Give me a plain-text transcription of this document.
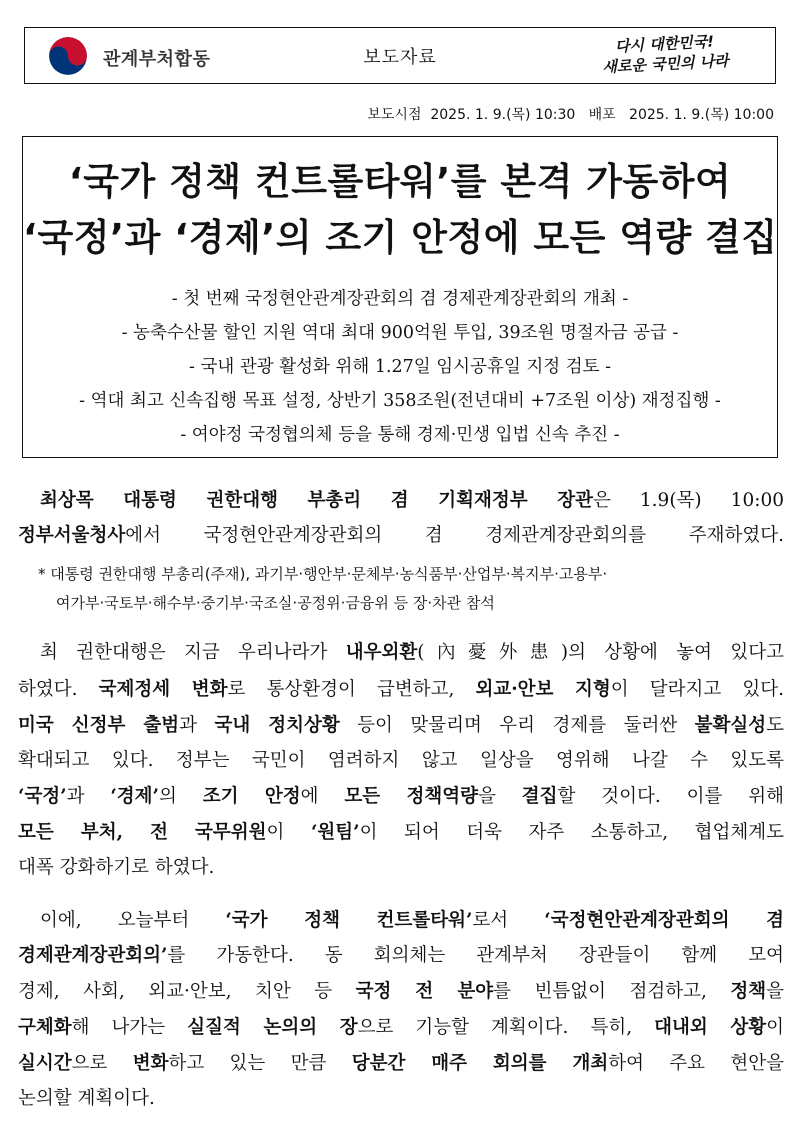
관계부처합동	보도자료
다시 대한민국!
새로운 국민의 나라
보도시점  2025. 1. 9.(목) 10:30   배포   2025. 1. 9.(목) 10:00
‘국가 정책 컨트롤타워’를 본격 가동하여
‘국정’과 ‘경제’의 조기 안정에 모든 역량 결집
- 첫 번째 국정현안관계장관회의 겸 경제관계장관회의 개최 -
- 농축수산물 할인 지원 역대 최대 900억원 투입, 39조원 명절자금 공급 -
- 국내 관광 활성화 위해 1.27일 임시공휴일 지정 검토 -
- 역대 최고 신속집행 목표 설정, 상반기 358조원(전년대비 +7조원 이상) 재정집행 -
- 여야정 국정협의체 등을 통해 경제·민생 입법 신속 추진 -
최상목 대통령 권한대행 부총리 겸 기획재정부 장관은 1.9(목) 10:00
정부서울청사에서 국정현안관계장관회의 겸 경제관계장관회의를 주재하였다.
* 대통령 권한대행 부총리(주재), 과기부·행안부·문체부·농식품부·산업부·복지부·고용부·
여가부·국토부·해수부·중기부·국조실·공정위·금융위 등 장·차관 참석
최 권한대행은 지금 우리나라가 내우외환(內憂外患)의 상황에 놓여 있다고
하였다. 국제정세 변화로 통상환경이 급변하고, 외교·안보 지형이 달라지고 있다.
미국 신정부 출범과 국내 정치상황 등이 맞물리며 우리 경제를 둘러싼 불확실성도
확대되고 있다. 정부는 국민이 염려하지 않고 일상을 영위해 나갈 수 있도록
‘국정’과 ‘경제’의 조기 안정에 모든 정책역량을 결집할 것이다. 이를 위해
모든 부처, 전 국무위원이 ‘원팀’이 되어 더욱 자주 소통하고, 협업체계도
대폭 강화하기로 하였다.
이에, 오늘부터 ‘국가 정책 컨트롤타워’로서 ‘국정현안관계장관회의 겸
경제관계장관회의’를 가동한다. 동 회의체는 관계부처 장관들이 함께 모여
경제, 사회, 외교·안보, 치안 등 국정 전 분야를 빈틈없이 점검하고, 정책을
구체화해 나가는 실질적 논의의 장으로 기능할 계획이다. 특히, 대내외 상황이
실시간으로 변화하고 있는 만큼 당분간 매주 회의를 개최하여 주요 현안을
논의할 계획이다.
